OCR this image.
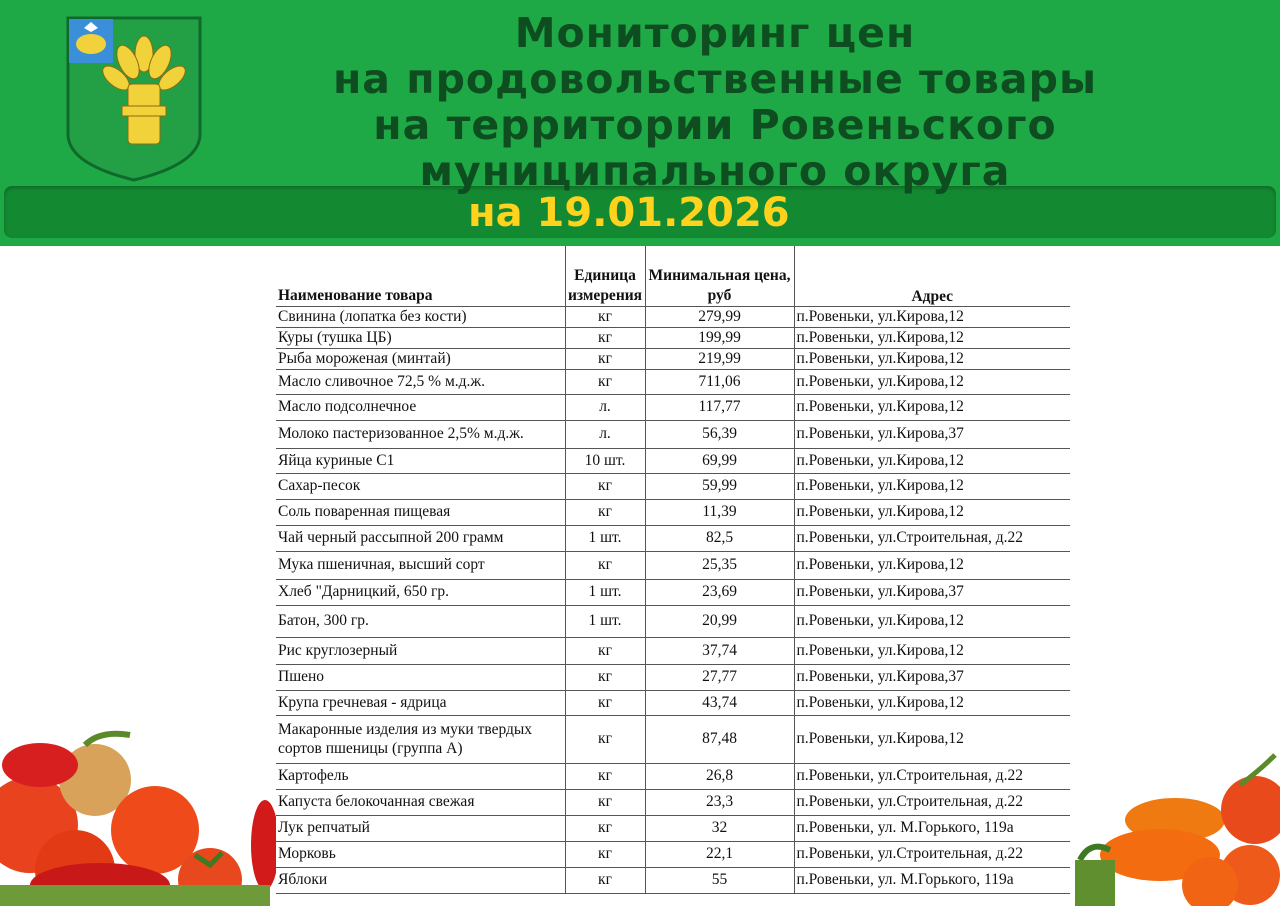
Мониторинг цен
на продовольственные товары
на территории Ровеньского
муниципального округа
на 19.01.2026
Наименование товара	Единица измерения	Минимальная цена, руб	Адрес
Свинина (лопатка без кости)	кг	279,99	п.Ровеньки, ул.Кирова,12
Куры (тушка ЦБ)	кг	199,99	п.Ровеньки, ул.Кирова,12
Рыба мороженая (минтай)	кг	219,99	п.Ровеньки, ул.Кирова,12
Масло сливочное 72,5 % м.д.ж.	кг	711,06	п.Ровеньки, ул.Кирова,12
Масло подсолнечное	л.	117,77	п.Ровеньки, ул.Кирова,12
Молоко пастеризованное 2,5% м.д.ж.	л.	56,39	п.Ровеньки, ул.Кирова,37
Яйца куриные С1	10 шт.	69,99	п.Ровеньки, ул.Кирова,12
Сахар-песок	кг	59,99	п.Ровеньки, ул.Кирова,12
Соль поваренная пищевая	кг	11,39	п.Ровеньки, ул.Кирова,12
Чай черный рассыпной 200 грамм	1 шт.	82,5	п.Ровеньки, ул.Строительная, д.22
Мука пшеничная, высший сорт	кг	25,35	п.Ровеньки, ул.Кирова,12
Хлеб "Дарницкий, 650 гр.	1 шт.	23,69	п.Ровеньки, ул.Кирова,37
Батон, 300 гр.	1 шт.	20,99	п.Ровеньки, ул.Кирова,12
Рис круглозерный	кг	37,74	п.Ровеньки, ул.Кирова,12
Пшено	кг	27,77	п.Ровеньки, ул.Кирова,37
Крупа гречневая - ядрица	кг	43,74	п.Ровеньки, ул.Кирова,12
Макаронные изделия из муки твердых сортов пшеницы (группа А)	кг	87,48	п.Ровеньки, ул.Кирова,12
Картофель	кг	26,8	п.Ровеньки, ул.Строительная, д.22
Капуста белокочанная свежая	кг	23,3	п.Ровеньки, ул.Строительная, д.22
Лук репчатый	кг	32	п.Ровеньки, ул. М.Горького, 119а
Морковь	кг	22,1	п.Ровеньки, ул.Строительная, д.22
Яблоки	кг	55	п.Ровеньки, ул. М.Горького, 119а
